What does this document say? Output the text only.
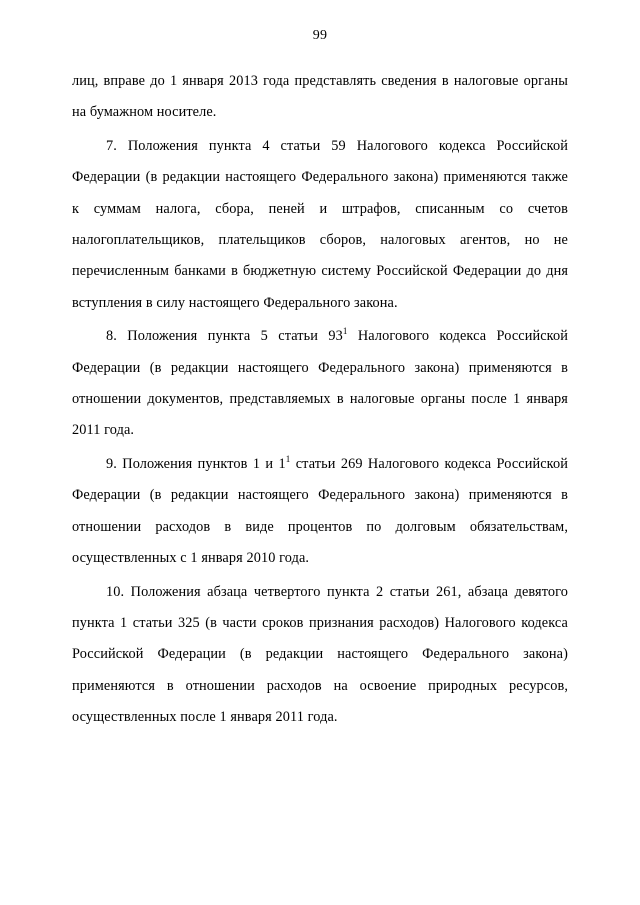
99

лиц, вправе до 1 января 2013 года представлять сведения в налоговые органы на бумажном носителе.

7. Положения пункта 4 статьи 59 Налогового кодекса Российской Федерации (в редакции настоящего Федерального закона) применяются также к суммам налога, сбора, пеней и штрафов, списанным со счетов налогоплательщиков, плательщиков сборов, налоговых агентов, но не перечисленным банками в бюджетную систему Российской Федерации до дня вступления в силу настоящего Федерального закона.

8. Положения пункта 5 статьи $93^1$ Налогового кодекса Российской Федерации (в редакции настоящего Федерального закона) применяются в отношении документов, представляемых в налоговые органы после 1 января 2011 года.

9. Положения пунктов 1 и $1^1$ статьи 269 Налогового кодекса Российской Федерации (в редакции настоящего Федерального закона) применяются в отношении расходов в виде процентов по долговым обязательствам, осуществленных с 1 января 2010 года.

10. Положения абзаца четвертого пункта 2 статьи 261, абзаца девятого пункта 1 статьи 325 (в части сроков признания расходов) Налогового кодекса Российской Федерации (в редакции настоящего Федерального закона) применяются в отношении расходов на освоение природных ресурсов, осуществленных после 1 января 2011 года.
